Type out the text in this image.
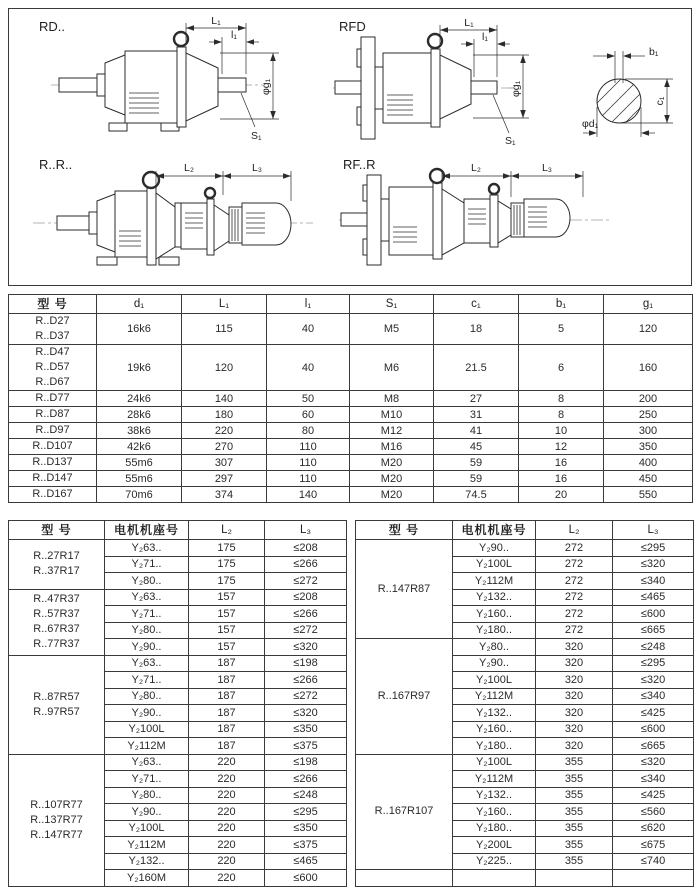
RD..	L₁
l₁
φg₁
S₁
RFD	L₁
l₁
φg₁
S₁
b₁
c₁
φd₁
R..R..	L₂	L₃	RF..R	L₂	L₃
型 号	d₁	L₁	l₁	S₁	c₁	b₁	g₁

R..D27
R..D37	16k6	115	40	M5	18	5	120

R..D47
R..D57
R..D67	19k6	120	40	M6	21.5	6	160

R..D77	24k6	140	50	M8	27	8	200

R..D87	28k6	180	60	M10	31	8	250

R..D97	38k6	220	80	M12	41	10	300

R..D107	42k6	270	110	M16	45	12	350

R..D137	55m6	307	110	M20	59	16	400

R..D147	55m6	297	110	M20	59	16	450

R..D167	70m6	374	140	M20	74.5	20	550
型 号	电机机座号	L₂	L₃

R..27R17
R..37R17	Y₂63..	175	≤208
	Y₂71..	175	≤266
	Y₂80..	175	≤272

R..47R37
R..57R37
R..67R37
R..77R37	Y₂63..	157	≤208
	Y₂71..	157	≤266
	Y₂80..	157	≤272
	Y₂90..	157	≤320

R..87R57
R..97R57	Y₂63..	187	≤198
	Y₂71..	187	≤266
	Y₂80..	187	≤272
	Y₂90..	187	≤320
	Y₂100L	187	≤350
	Y₂112M	187	≤375

R..107R77
R..137R77
R..147R77	Y₂63..	220	≤198
	Y₂71..	220	≤266
	Y₂80..	220	≤248
	Y₂90..	220	≤295
	Y₂100L	220	≤350
	Y₂112M	220	≤375
	Y₂132..	220	≤465
	Y₂160M	220	≤600
型 号	电机机座号	L₂	L₃

R..147R87	Y₂90..	272	≤295
	Y₂100L	272	≤320
	Y₂112M	272	≤340
	Y₂132..	272	≤465
	Y₂160..	272	≤600
	Y₂180..	272	≤665

R..167R97	Y₂80..	320	≤248
	Y₂90..	320	≤295
	Y₂100L	320	≤320
	Y₂112M	320	≤340
	Y₂132..	320	≤425
	Y₂160..	320	≤600
	Y₂180..	320	≤665

R..167R107	Y₂100L	355	≤320
	Y₂112M	355	≤340
	Y₂132..	355	≤425
	Y₂160..	355	≤560
	Y₂180..	355	≤620
	Y₂200L	355	≤675
	Y₂225..	355	≤740
